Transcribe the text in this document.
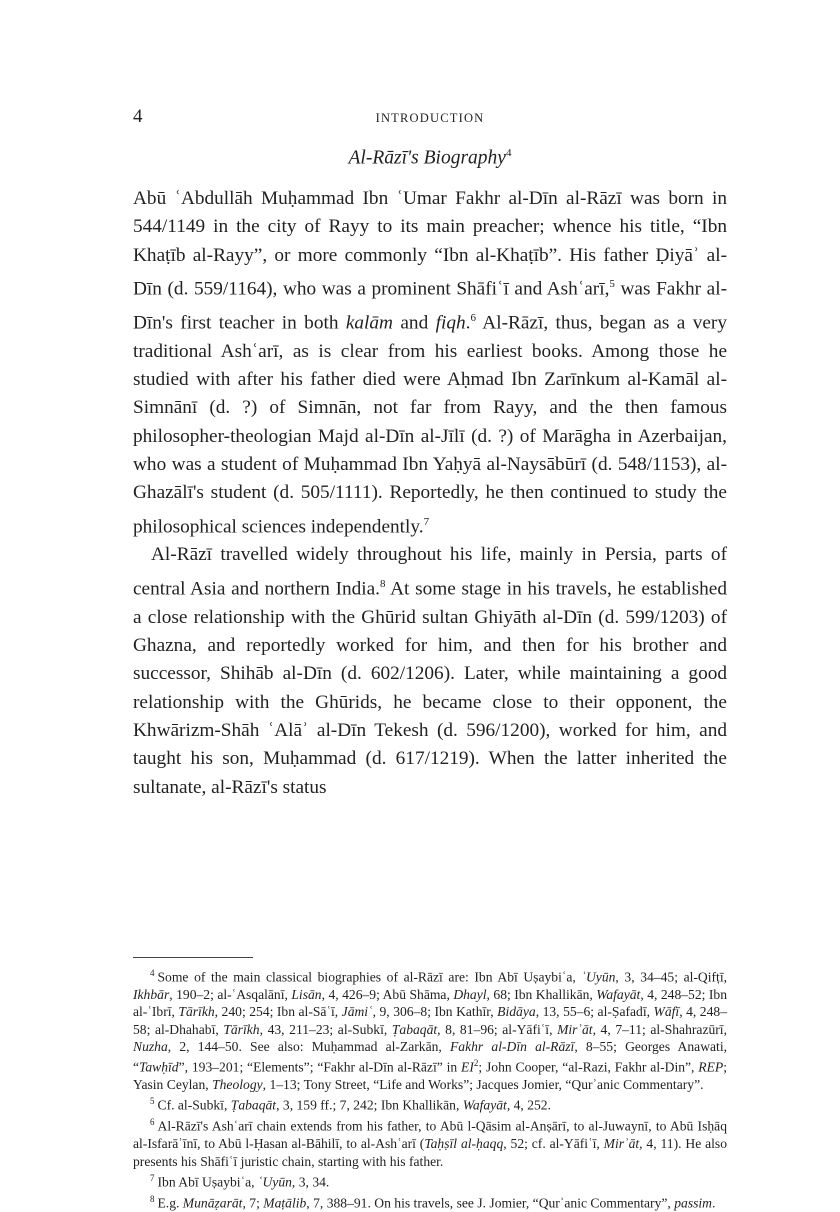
4	INTRODUCTION
Al-Rāzī's Biography$^4$

Abū ʿAbdullāh Muḥammad Ibn ʿUmar Fakhr al-Dīn al-Rāzī was born in 544/1149 in the city of Rayy to its main preacher; whence his title, “Ibn Khaṭīb al-Rayy”, or more commonly “Ibn al-Khaṭīb”. His father Ḍiyāʾ al-Dīn (d. 559/1164), who was a prominent Shāfiʿī and Ashʿarī,$^5$ was Fakhr al-Dīn's first teacher in both kalām and fiqh.$^6$ Al-Rāzī, thus, began as a very traditional Ashʿarī, as is clear from his earliest books. Among those he studied with after his father died were Aḥmad Ibn Zarīnkum al-Kamāl al-Simnānī (d. ?) of Simnān, not far from Rayy, and the then famous philosopher-theologian Majd al-Dīn al-Jīlī (d. ?) of Marāgha in Azerbaijan, who was a student of Muḥammad Ibn Yaḥyā al-Naysābūrī (d. 548/1153), al-Ghazālī's student (d. 505/1111). Reportedly, he then continued to study the philosophical sciences independently.$^7$

Al-Rāzī travelled widely throughout his life, mainly in Persia, parts of central Asia and northern India.$^8$ At some stage in his travels, he established a close relationship with the Ghūrid sultan Ghiyāth al-Dīn (d. 599/1203) of Ghazna, and reportedly worked for him, and then for his brother and successor, Shihāb al-Dīn (d. 602/1206). Later, while maintaining a good relationship with the Ghūrids, he became close to their opponent, the Khwārizm-Shāh ʿAlāʾ al-Dīn Tekesh (d. 596/1200), worked for him, and taught his son, Muḥammad (d. 617/1219). When the latter inherited the sultanate, al-Rāzī's status

$^4$ Some of the main classical biographies of al-Rāzī are: Ibn Abī Uṣaybiʿa, ʿUyūn, 3, 34–45; al-Qifṭī, Ikhbār, 190–2; al-ʿAsqalānī, Lisān, 4, 426–9; Abū Shāma, Dhayl, 68; Ibn Khallikān, Wafayāt, 4, 248–52; Ibn al-ʿIbrī, Tārīkh, 240; 254; Ibn al-Sāʿī, Jāmiʿ, 9, 306–8; Ibn Kathīr, Bidāya, 13, 55–6; al-Ṣafadī, Wāfī, 4, 248–58; al-Dhahabī, Tārīkh, 43, 211–23; al-Subkī, Ṭabaqāt, 8, 81–96; al-Yāfiʿī, Mirʾāt, 4, 7–11; al-Shahrazūrī, Nuzha, 2, 144–50. See also: Muḥammad al-Zarkān, Fakhr al-Dīn al-Rāzī, 8–55; Georges Anawati, “Tawḥīd”, 193–201; “Elements”; “Fakhr al-Dīn al-Rāzī” in $EI^2$; John Cooper, “al-Razi, Fakhr al-Din”, REP; Yasin Ceylan, Theology, 1–13; Tony Street, “Life and Works”; Jacques Jomier, “Qurʾanic Commentary”.

$^5$ Cf. al-Subkī, Ṭabaqāt, 3, 159 ff.; 7, 242; Ibn Khallikān, Wafayāt, 4, 252.

$^6$ Al-Rāzī's Ashʿarī chain extends from his father, to Abū l-Qāsim al-Anṣārī, to al-Juwaynī, to Abū Isḥāq al-Isfarāʾīnī, to Abū l-Ḥasan al-Bāhilī, to al-Ashʿarī (Taḥṣīl al-ḥaqq, 52; cf. al-Yāfiʿī, Mirʾāt, 4, 11). He also presents his Shāfiʿī juristic chain, starting with his father.

$^7$ Ibn Abī Uṣaybiʿa, ʿUyūn, 3, 34.

$^8$ E.g. Munāẓarāt, 7; Maṭālib, 7, 388–91. On his travels, see J. Jomier, “Qurʾanic Commentary”, passim.
